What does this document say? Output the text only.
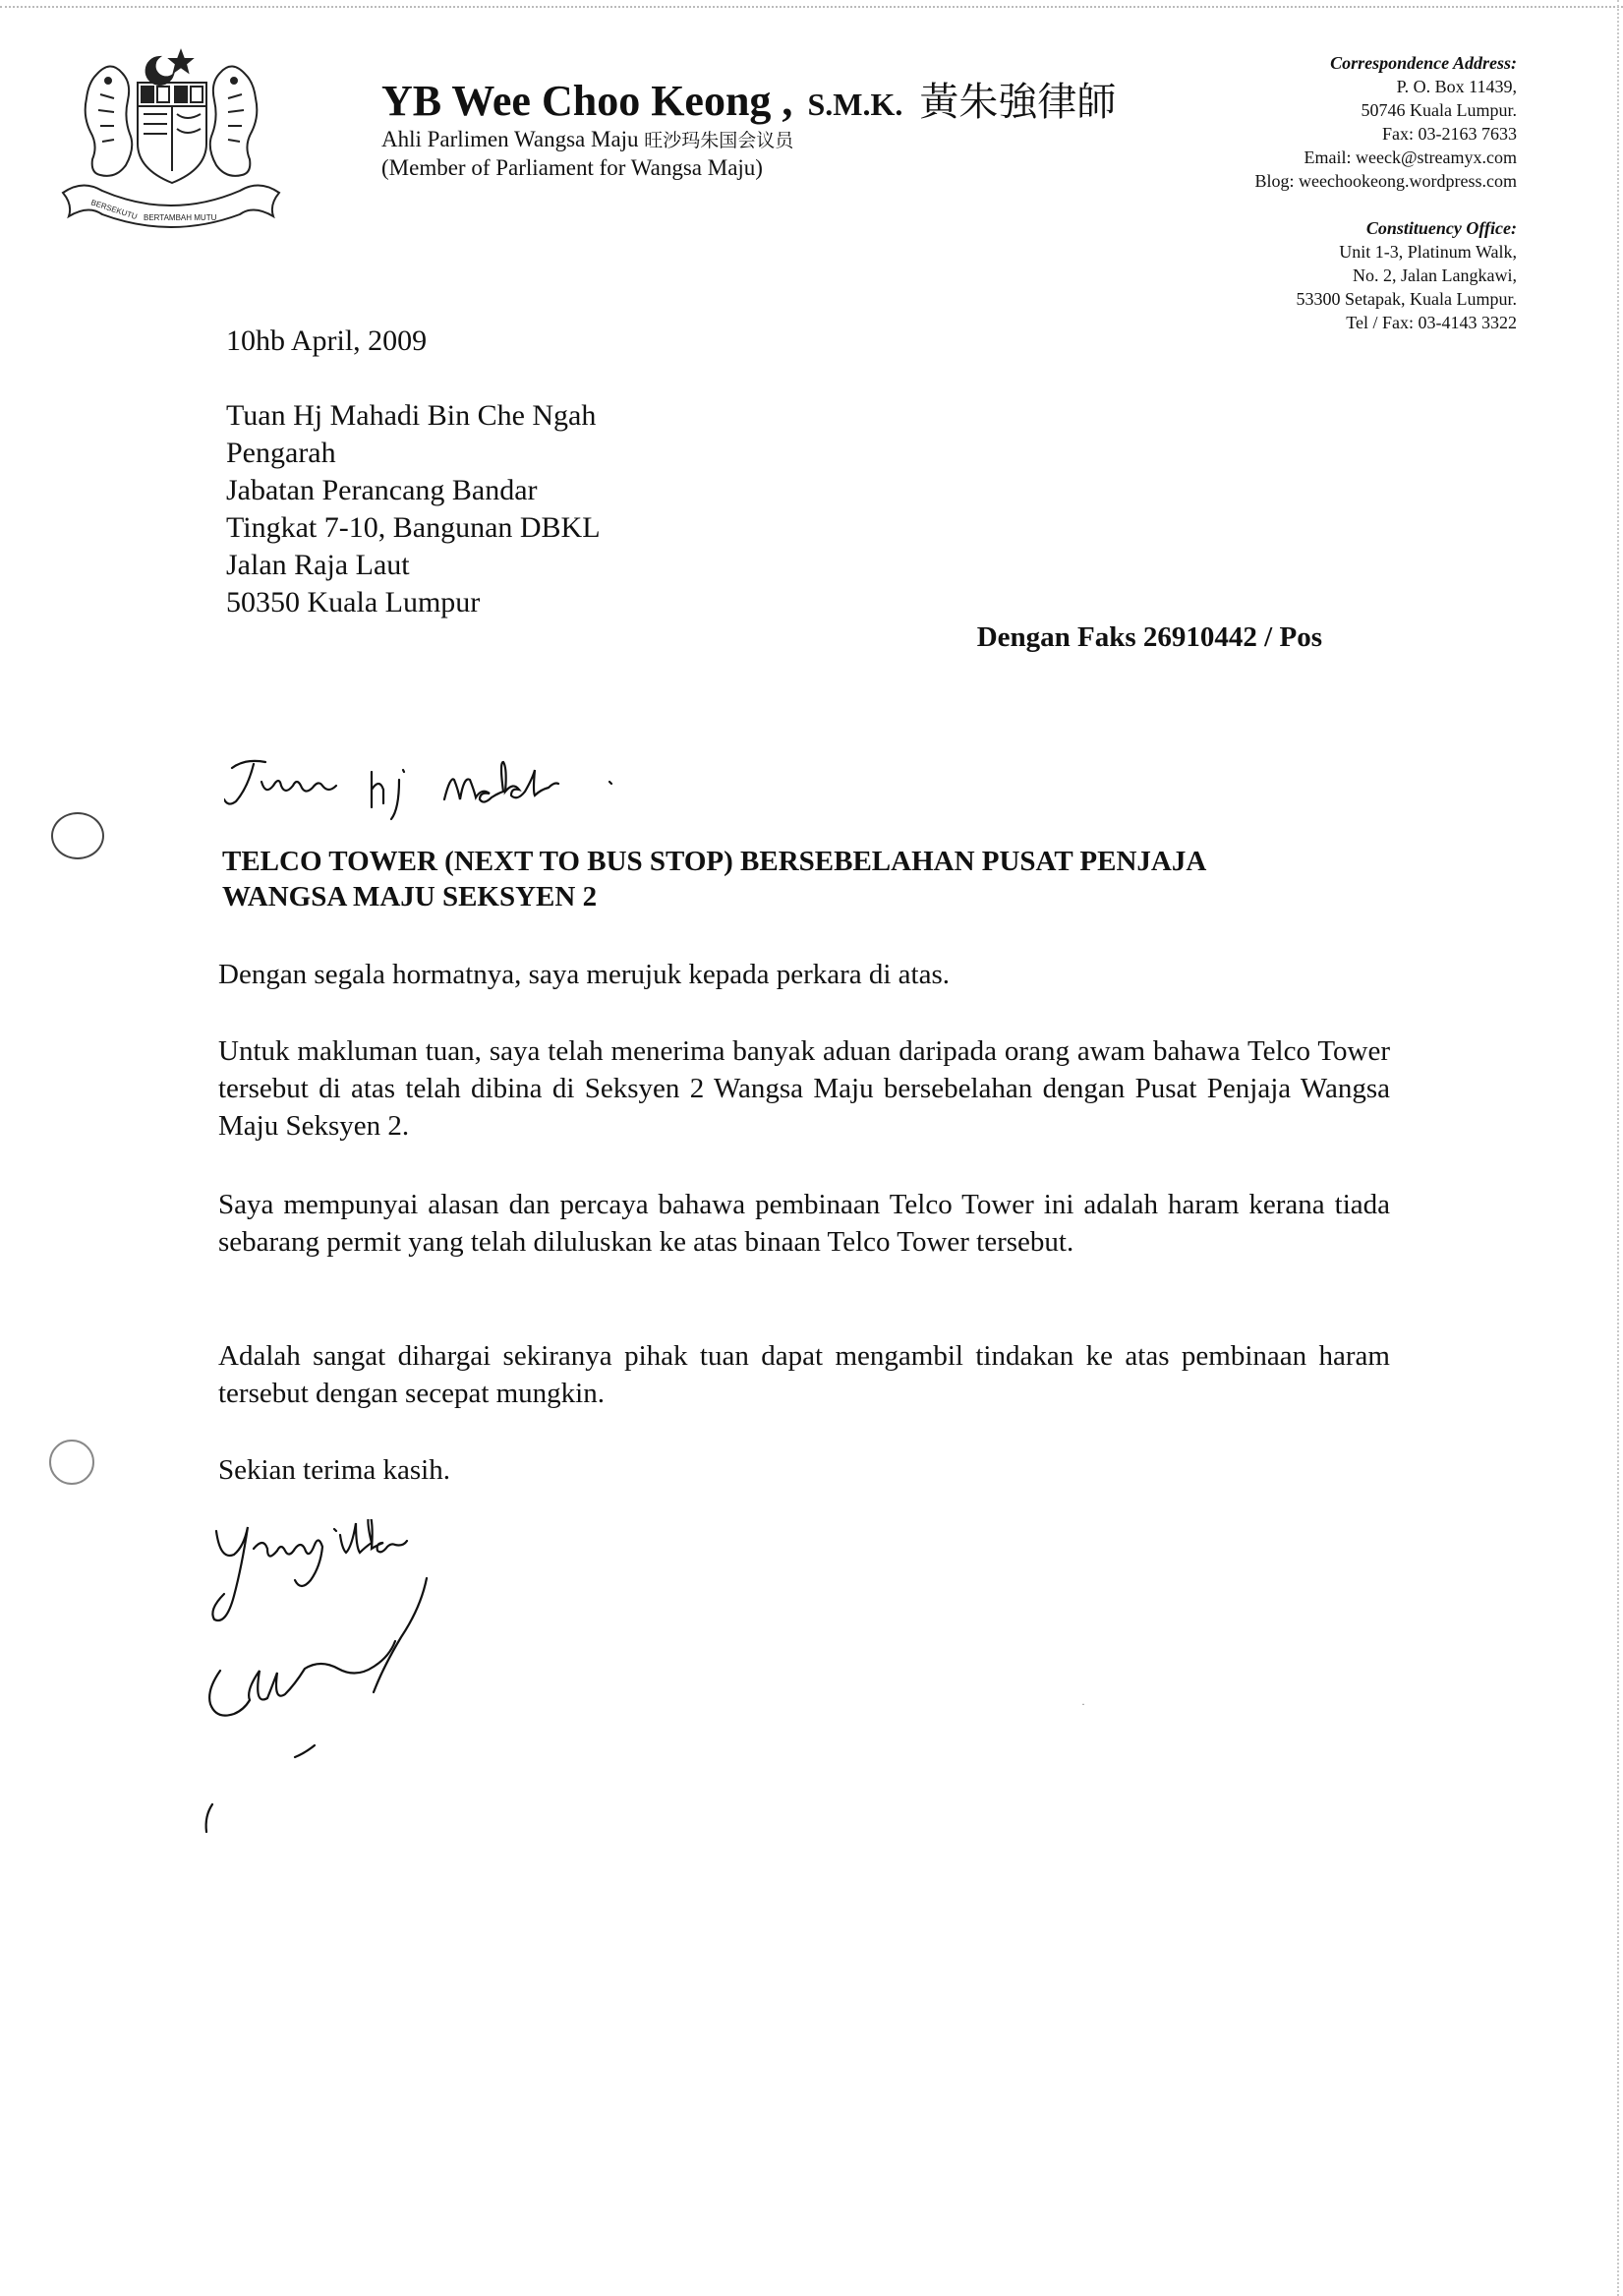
BERSEKUTU BERTAMBAH MUTU
YB Wee Choo Keong , S.M.K. 黃朱強律師
Ahli Parlimen Wangsa Maju 旺沙玛朱国会议员
(Member of Parliament for Wangsa Maju)
Correspondence Address:
P. O. Box 11439,
50746 Kuala Lumpur.
Fax: 03-2163 7633
Email: weeck@streamyx.com
Blog: weechookeong.wordpress.com
Constituency Office:
Unit 1-3, Platinum Walk,
No. 2, Jalan Langkawi,
53300 Setapak, Kuala Lumpur.
Tel / Fax: 03-4143 3322
10hb April, 2009
Tuan Hj Mahadi Bin Che Ngah
Pengarah
Jabatan Perancang Bandar
Tingkat 7-10, Bangunan DBKL
Jalan Raja Laut
50350 Kuala Lumpur
Dengan Faks 26910442 / Pos
TELCO TOWER (NEXT TO BUS STOP) BERSEBELAHAN PUSAT PENJAJA
WANGSA MAJU SEKSYEN 2
Dengan segala hormatnya, saya merujuk kepada perkara di atas.
Untuk makluman tuan, saya telah menerima banyak aduan daripada orang awam bahawa Telco Tower tersebut di atas telah dibina di Seksyen 2 Wangsa Maju bersebelahan dengan Pusat Penjaja Wangsa Maju Seksyen 2.
Saya mempunyai alasan dan percaya bahawa pembinaan Telco Tower ini adalah haram kerana tiada sebarang permit yang telah diluluskan ke atas binaan Telco Tower tersebut.
Adalah sangat dihargai sekiranya pihak tuan dapat mengambil tindakan ke atas pembinaan haram tersebut dengan secepat mungkin.
Sekian terima kasih.
·
